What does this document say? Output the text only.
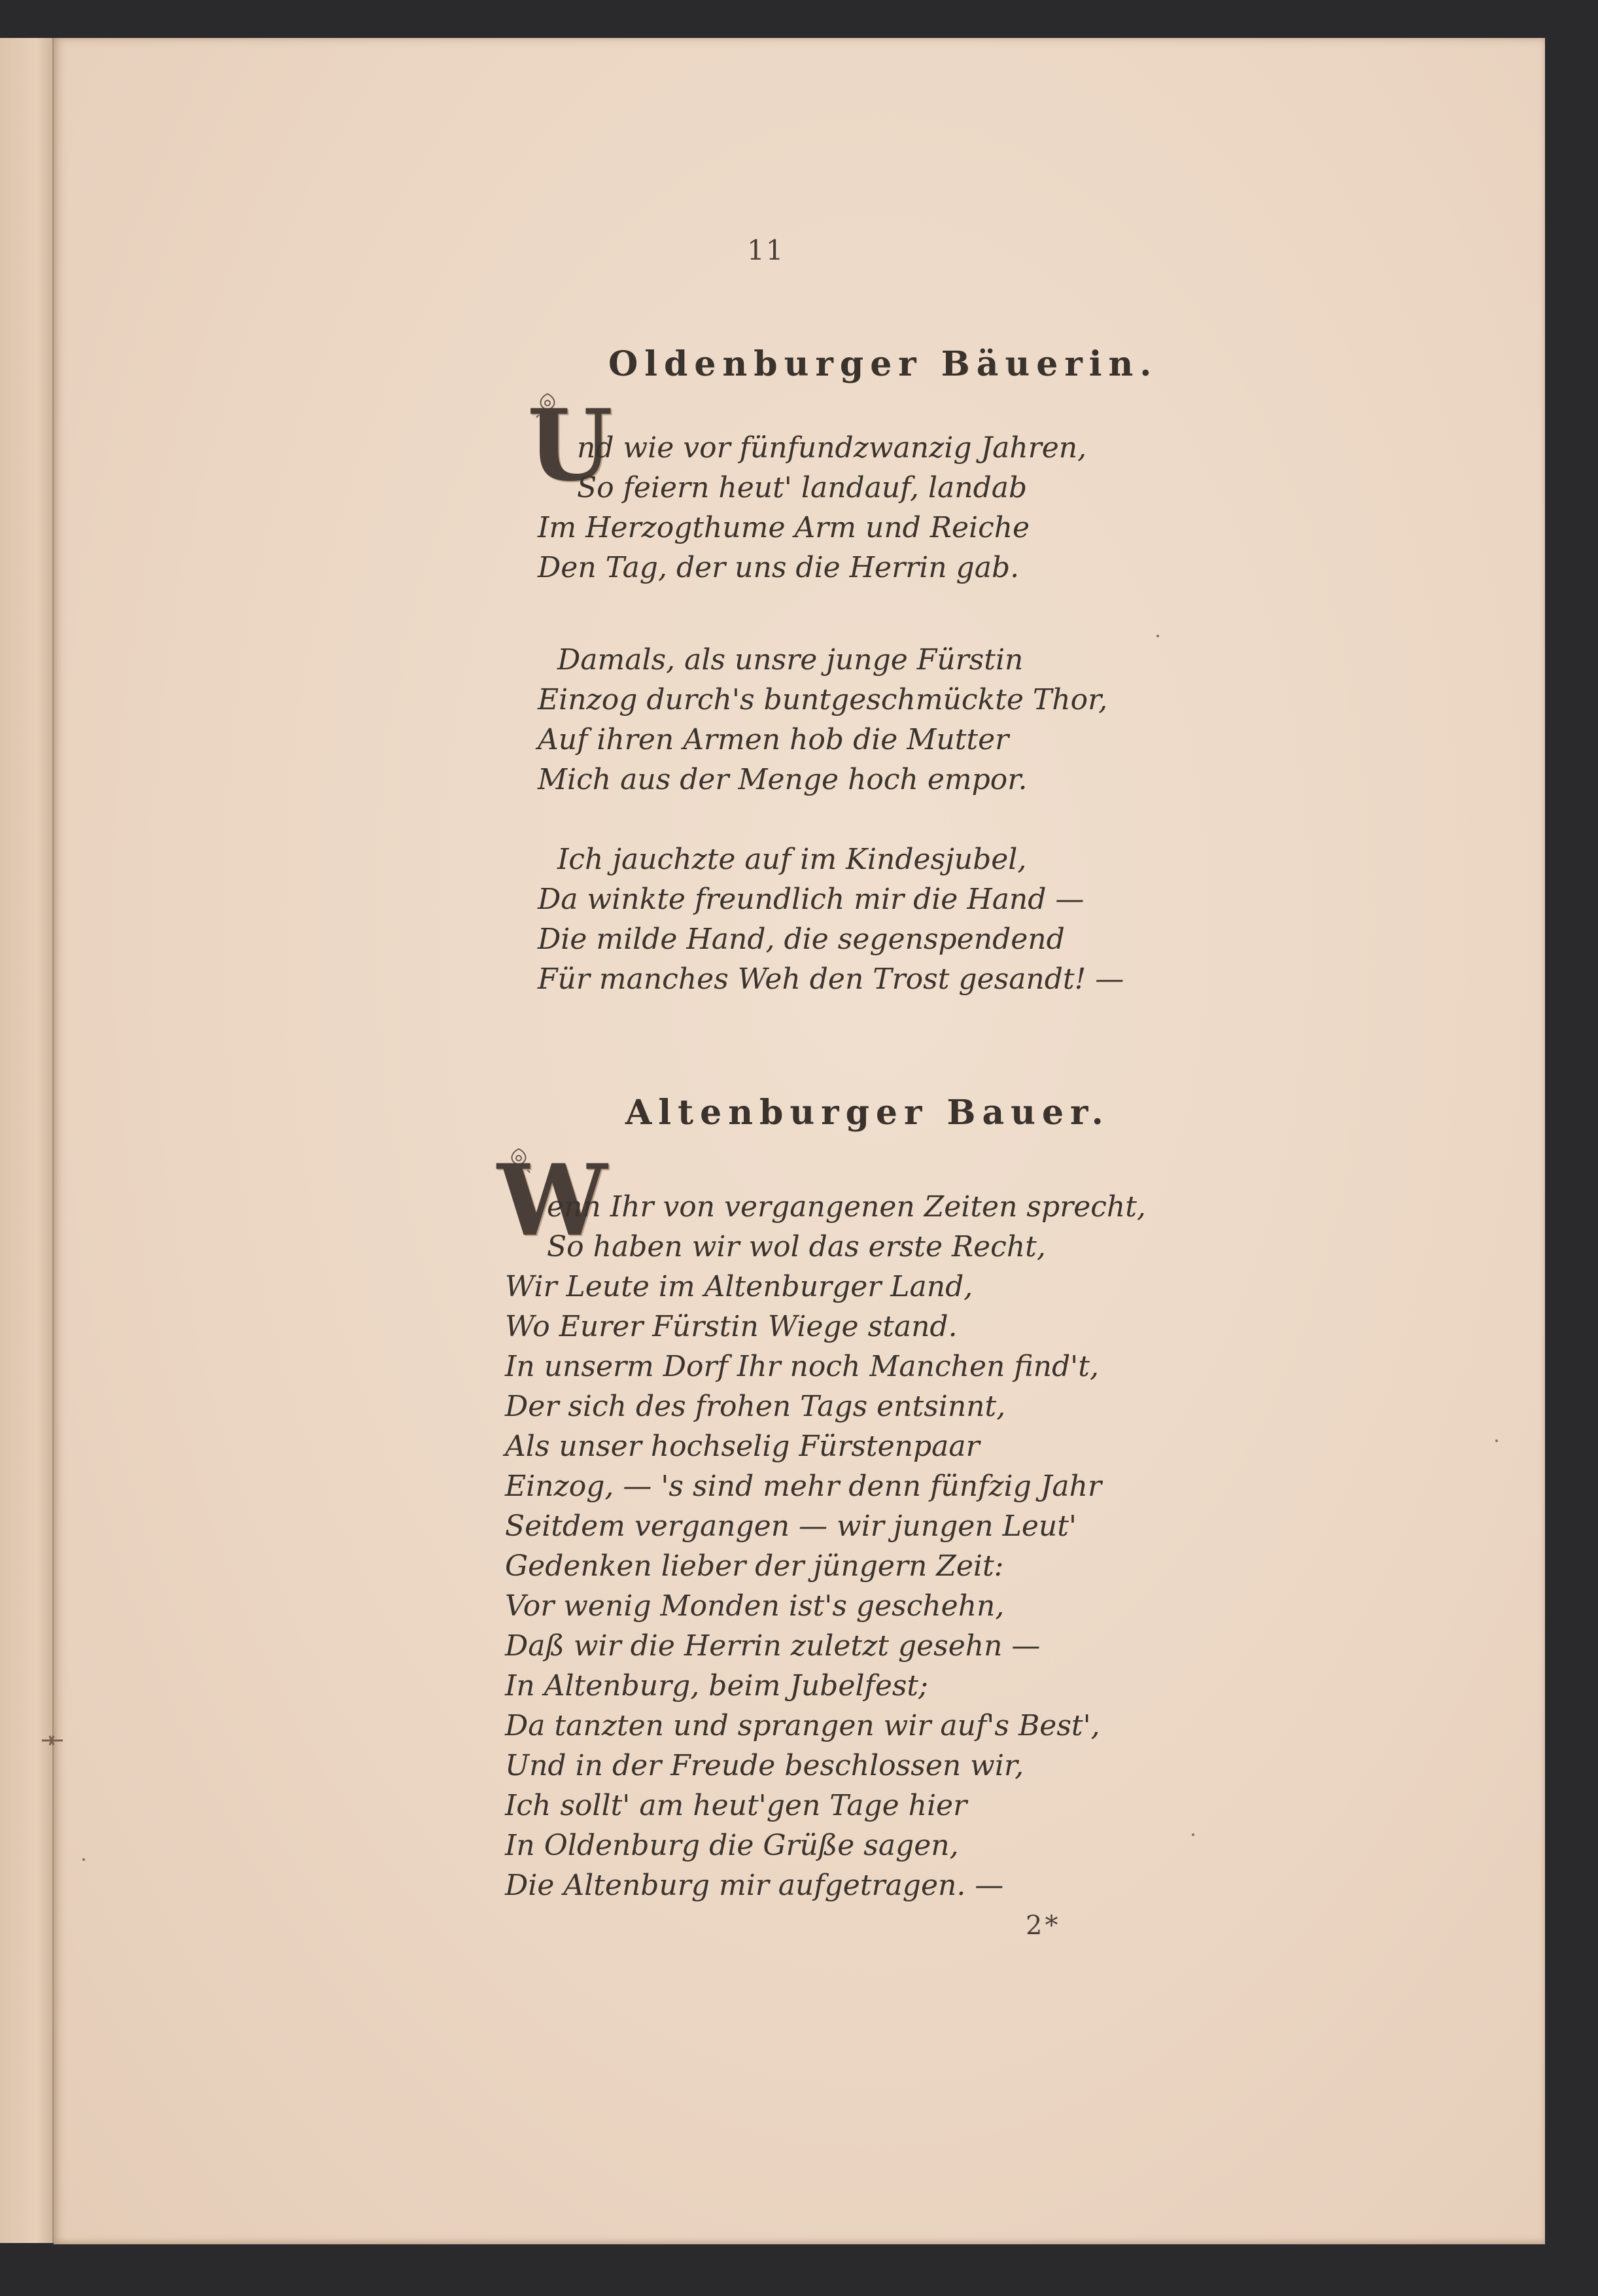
11
Oldenburger Bäuerin.
U
nd wie vor fünfundzwanzig Jahren,
So feiern heut' landauf, landab
Im Herzogthume Arm und Reiche
Den Tag, der uns die Herrin gab.
Damals, als unsre junge Fürstin
Einzog durch's buntgeschmückte Thor,
Auf ihren Armen hob die Mutter
Mich aus der Menge hoch empor.
Ich jauchzte auf im Kindesjubel,
Da winkte freundlich mir die Hand —
Die milde Hand, die segenspendend
Für manches Weh den Trost gesandt! —
Altenburger Bauer.
W
enn Ihr von vergangenen Zeiten sprecht,
So haben wir wol das erste Recht,
Wir Leute im Altenburger Land,
Wo Eurer Fürstin Wiege stand.
In unserm Dorf Ihr noch Manchen find't,
Der sich des frohen Tags entsinnt,
Als unser hochselig Fürstenpaar
Einzog, — 's sind mehr denn fünfzig Jahr
Seitdem vergangen — wir jungen Leut'
Gedenken lieber der jüngern Zeit:
Vor wenig Monden ist's geschehn,
Daß wir die Herrin zuletzt gesehn —
In Altenburg, beim Jubelfest;
Da tanzten und sprangen wir auf's Best',
Und in der Freude beschlossen wir,
Ich sollt' am heut'gen Tage hier
In Oldenburg die Grüße sagen,
Die Altenburg mir aufgetragen. —
2*
